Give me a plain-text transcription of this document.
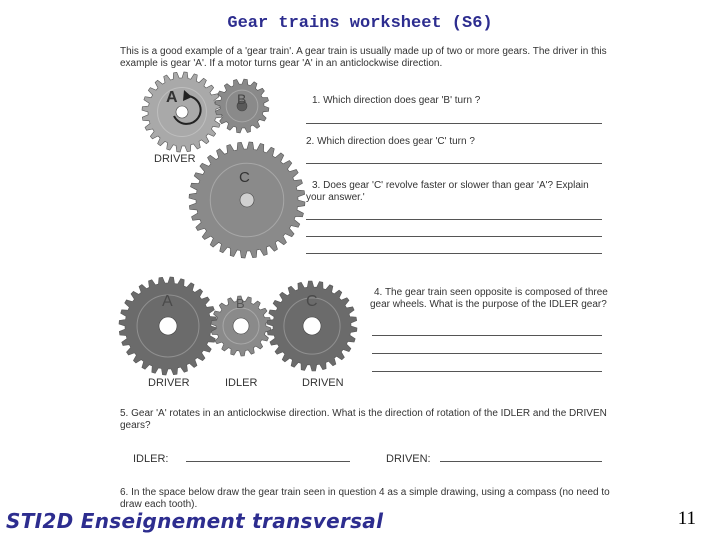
Gear trains worksheet (S6)
This is a good example of a 'gear train'. A gear train is usually made up of two or more gears. The driver in this
example is gear 'A'. If a motor turns gear 'A' in an anticlockwise direction.
A	B
C
DRIVER
1. Which direction does gear 'B' turn ?
2. Which direction does gear 'C' turn ?
3. Does gear 'C' revolve faster or slower than gear 'A'? Explain
your answer.'
A	B	C
DRIVER	IDLER	DRIVEN
4. The gear train seen opposite is composed of three
gear wheels. What is the purpose of the IDLER gear?
5. Gear 'A' rotates in an anticlockwise direction. What is the direction of rotation of the IDLER and the DRIVEN
gears?
IDLER:	DRIVEN:
6. In the space below draw the gear train seen in question 4 as a simple drawing, using a compass (no need to
draw each tooth).
STI2D Enseignement transversal	11
